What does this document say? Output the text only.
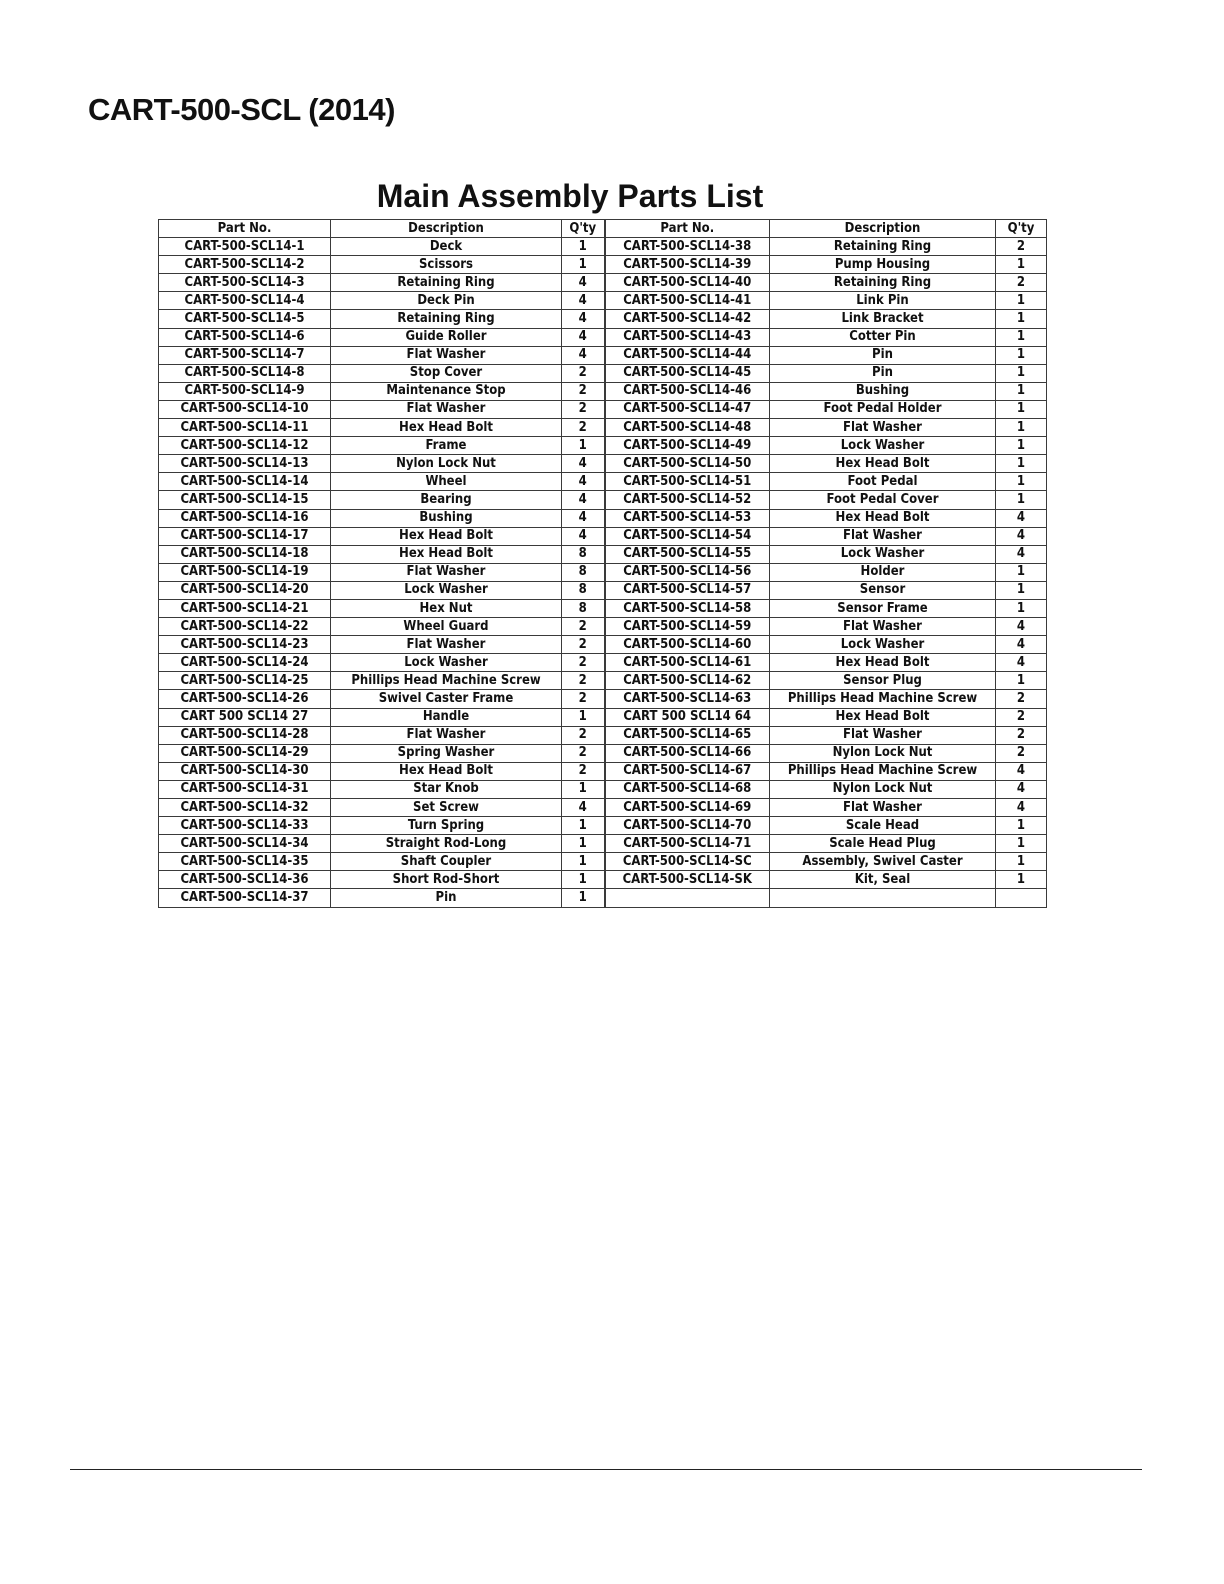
CART-500-SCL (2014)
Main Assembly Parts List
Part No.	Description	Q'ty	Part No.	Description	Q'ty
CART-500-SCL14-1	Deck	1	CART-500-SCL14-38	Retaining Ring	2
CART-500-SCL14-2	Scissors	1	CART-500-SCL14-39	Pump Housing	1
CART-500-SCL14-3	Retaining Ring	4	CART-500-SCL14-40	Retaining Ring	2
CART-500-SCL14-4	Deck Pin	4	CART-500-SCL14-41	Link Pin	1
CART-500-SCL14-5	Retaining Ring	4	CART-500-SCL14-42	Link Bracket	1
CART-500-SCL14-6	Guide Roller	4	CART-500-SCL14-43	Cotter Pin	1
CART-500-SCL14-7	Flat Washer	4	CART-500-SCL14-44	Pin	1
CART-500-SCL14-8	Stop Cover	2	CART-500-SCL14-45	Pin	1
CART-500-SCL14-9	Maintenance Stop	2	CART-500-SCL14-46	Bushing	1
CART-500-SCL14-10	Flat Washer	2	CART-500-SCL14-47	Foot Pedal Holder	1
CART-500-SCL14-11	Hex Head Bolt	2	CART-500-SCL14-48	Flat Washer	1
CART-500-SCL14-12	Frame	1	CART-500-SCL14-49	Lock Washer	1
CART-500-SCL14-13	Nylon Lock Nut	4	CART-500-SCL14-50	Hex Head Bolt	1
CART-500-SCL14-14	Wheel	4	CART-500-SCL14-51	Foot Pedal	1
CART-500-SCL14-15	Bearing	4	CART-500-SCL14-52	Foot Pedal Cover	1
CART-500-SCL14-16	Bushing	4	CART-500-SCL14-53	Hex Head Bolt	4
CART-500-SCL14-17	Hex Head Bolt	4	CART-500-SCL14-54	Flat Washer	4
CART-500-SCL14-18	Hex Head Bolt	8	CART-500-SCL14-55	Lock Washer	4
CART-500-SCL14-19	Flat Washer	8	CART-500-SCL14-56	Holder	1
CART-500-SCL14-20	Lock Washer	8	CART-500-SCL14-57	Sensor	1
CART-500-SCL14-21	Hex Nut	8	CART-500-SCL14-58	Sensor Frame	1
CART-500-SCL14-22	Wheel Guard	2	CART-500-SCL14-59	Flat Washer	4
CART-500-SCL14-23	Flat Washer	2	CART-500-SCL14-60	Lock Washer	4
CART-500-SCL14-24	Lock Washer	2	CART-500-SCL14-61	Hex Head Bolt	4
CART-500-SCL14-25	Phillips Head Machine Screw	2	CART-500-SCL14-62	Sensor Plug	1
CART-500-SCL14-26	Swivel Caster Frame	2	CART-500-SCL14-63	Phillips Head Machine Screw	2
CART 500 SCL14 27	Handle	1	CART 500 SCL14 64	Hex Head Bolt	2
CART-500-SCL14-28	Flat Washer	2	CART-500-SCL14-65	Flat Washer	2
CART-500-SCL14-29	Spring Washer	2	CART-500-SCL14-66	Nylon Lock Nut	2
CART-500-SCL14-30	Hex Head Bolt	2	CART-500-SCL14-67	Phillips Head Machine Screw	4
CART-500-SCL14-31	Star Knob	1	CART-500-SCL14-68	Nylon Lock Nut	4
CART-500-SCL14-32	Set Screw	4	CART-500-SCL14-69	Flat Washer	4
CART-500-SCL14-33	Turn Spring	1	CART-500-SCL14-70	Scale Head	1
CART-500-SCL14-34	Straight Rod-Long	1	CART-500-SCL14-71	Scale Head Plug	1
CART-500-SCL14-35	Shaft Coupler	1	CART-500-SCL14-SC	Assembly, Swivel Caster	1
CART-500-SCL14-36	Short Rod-Short	1	CART-500-SCL14-SK	Kit, Seal	1
CART-500-SCL14-37	Pin	1			
